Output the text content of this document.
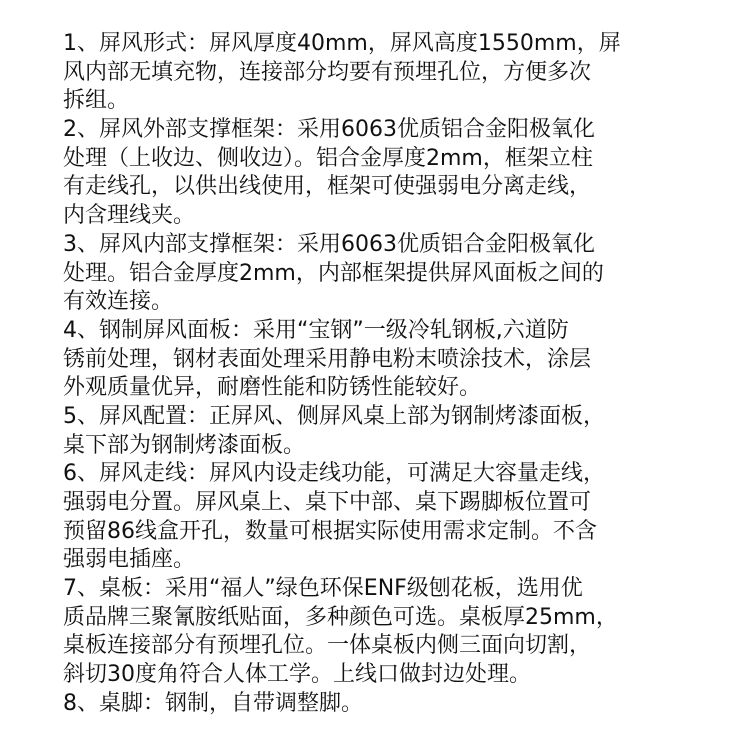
1、屏风形式：屏风厚度40mm，屏风高度1550mm，屏
风内部无填充物，连接部分均要有预埋孔位，方便多次
拆组。
2、屏风外部支撑框架：采用6063优质铝合金阳极氧化
处理（上收边、侧收边）。铝合金厚度2mm，框架立柱
有走线孔，以供出线使用，框架可使强弱电分离走线，
内含理线夹。
3、屏风内部支撑框架：采用6063优质铝合金阳极氧化
处理。铝合金厚度2mm，内部框架提供屏风面板之间的
有效连接。
4、钢制屏风面板：采用“宝钢”一级冷轧钢板,六道防
锈前处理，钢材表面处理采用静电粉末喷涂技术，涂层
外观质量优异，耐磨性能和防锈性能较好。
5、屏风配置：正屏风、侧屏风桌上部为钢制烤漆面板，
桌下部为钢制烤漆面板。
6、屏风走线：屏风内设走线功能，可满足大容量走线，
强弱电分置。屏风桌上、桌下中部、桌下踢脚板位置可
预留86线盒开孔，数量可根据实际使用需求定制。不含
强弱电插座。
7、桌板：采用“福人”绿色环保ENF级刨花板，选用优
质品牌三聚氰胺纸贴面，多种颜色可选。桌板厚25mm，
桌板连接部分有预埋孔位。一体桌板内侧三面向切割，
斜切30度角符合人体工学。上线口做封边处理。
8、桌脚：钢制，自带调整脚。
